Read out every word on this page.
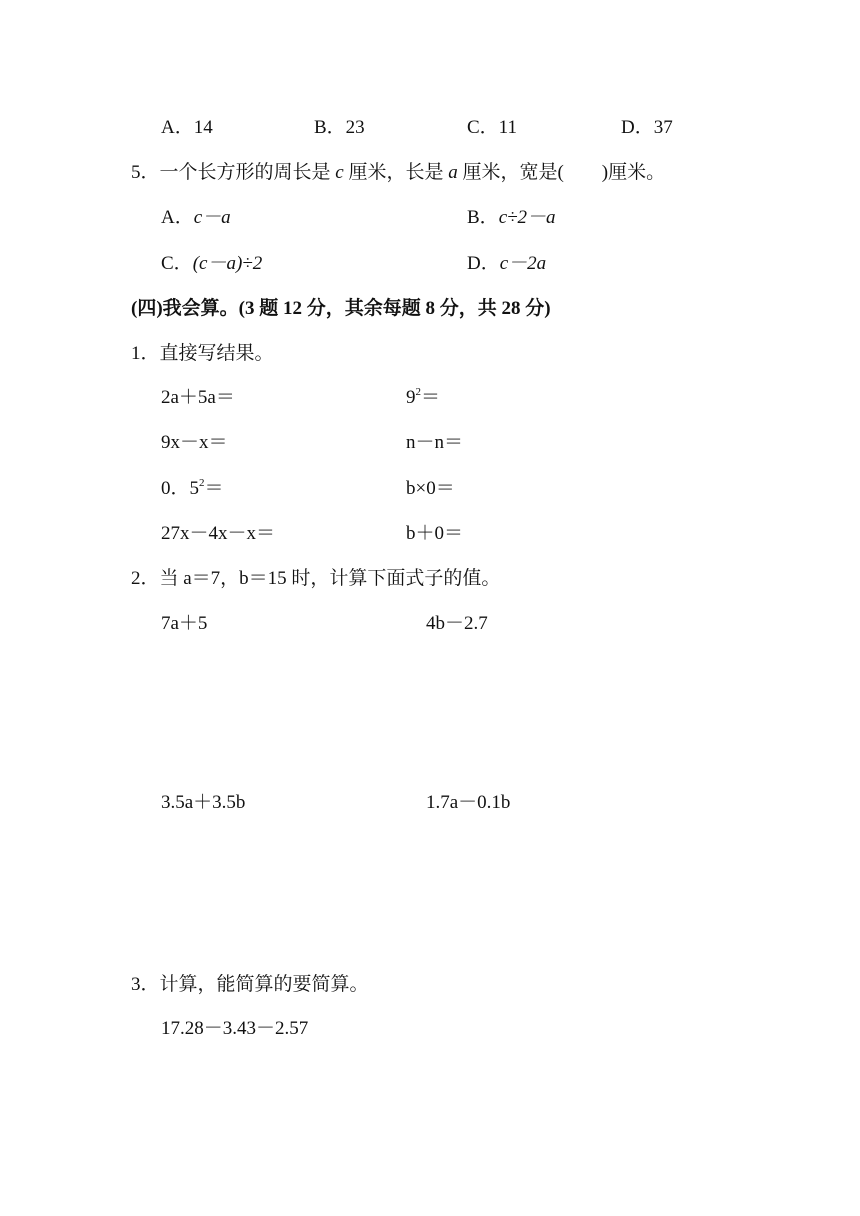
A．14	B．23	C．11	D．37
5．一个长方形的周长是 c 厘米，长是 a 厘米，宽是(　　)厘米。
A．c－a	B．c÷2－a
C．(c－a)÷2	D．c－2a
(四)我会算。(3 题 12 分，其余每题 8 分，共 28 分)
1．直接写结果。
2a＋5a＝	$9^2=$
9x－x＝	n－n＝
0．$5^2=$	b×0＝
27x－4x－x＝	b＋0＝
2．当 a＝7，b＝15 时，计算下面式子的值。
7a＋5	4b－2.7
3.5a＋3.5b	1.7a－0.1b
3．计算，能简算的要简算。
17.28－3.43－2.57
